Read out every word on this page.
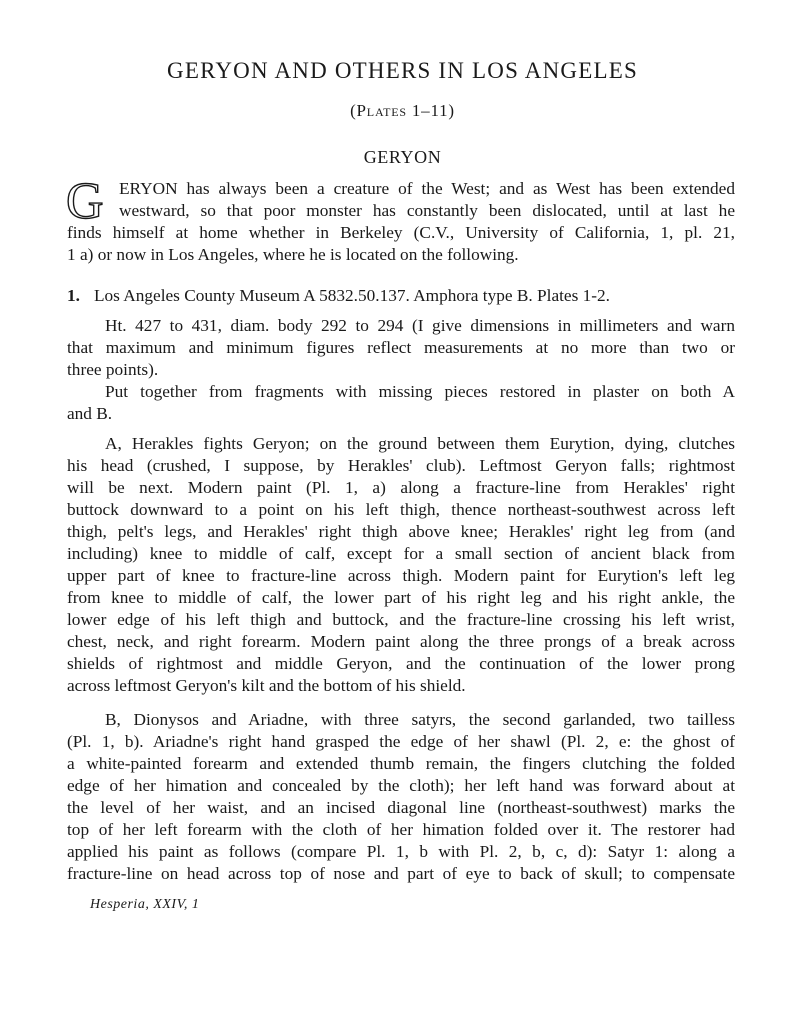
GERYON AND OTHERS IN LOS ANGELES
(Plates 1–11)
GERYON
G ERYON has always been a creature of the West; and as West has been extended
westward, so that poor monster has constantly been dislocated, until at last he
finds himself at home whether in Berkeley (C.V., University of California, 1, pl. 21,
1 a) or now in Los Angeles, where he is located on the following.
1. Los Angeles County Museum A 5832.50.137. Amphora type B. Plates 1-2.
Ht. 427 to 431, diam. body 292 to 294 (I give dimensions in millimeters and warn
that maximum and minimum figures reflect measurements at no more than two or
three points).
Put together from fragments with missing pieces restored in plaster on both A
and B.
A, Herakles fights Geryon; on the ground between them Eurytion, dying, clutches
his head (crushed, I suppose, by Herakles' club). Leftmost Geryon falls; rightmost
will be next. Modern paint (Pl. 1, a) along a fracture-line from Herakles' right
buttock downward to a point on his left thigh, thence northeast-southwest across left
thigh, pelt's legs, and Herakles' right thigh above knee; Herakles' right leg from (and
including) knee to middle of calf, except for a small section of ancient black from
upper part of knee to fracture-line across thigh. Modern paint for Eurytion's left leg
from knee to middle of calf, the lower part of his right leg and his right ankle, the
lower edge of his left thigh and buttock, and the fracture-line crossing his left wrist,
chest, neck, and right forearm. Modern paint along the three prongs of a break across
shields of rightmost and middle Geryon, and the continuation of the lower prong
across leftmost Geryon's kilt and the bottom of his shield.
B, Dionysos and Ariadne, with three satyrs, the second garlanded, two tailless
(Pl. 1, b). Ariadne's right hand grasped the edge of her shawl (Pl. 2, e: the ghost of
a white-painted forearm and extended thumb remain, the fingers clutching the folded
edge of her himation and concealed by the cloth); her left hand was forward about at
the level of her waist, and an incised diagonal line (northeast-southwest) marks the
top of her left forearm with the cloth of her himation folded over it. The restorer had
applied his paint as follows (compare Pl. 1, b with Pl. 2, b, c, d): Satyr 1: along a
fracture-line on head across top of nose and part of eye to back of skull; to compensate
Hesperia, XXIV, 1
